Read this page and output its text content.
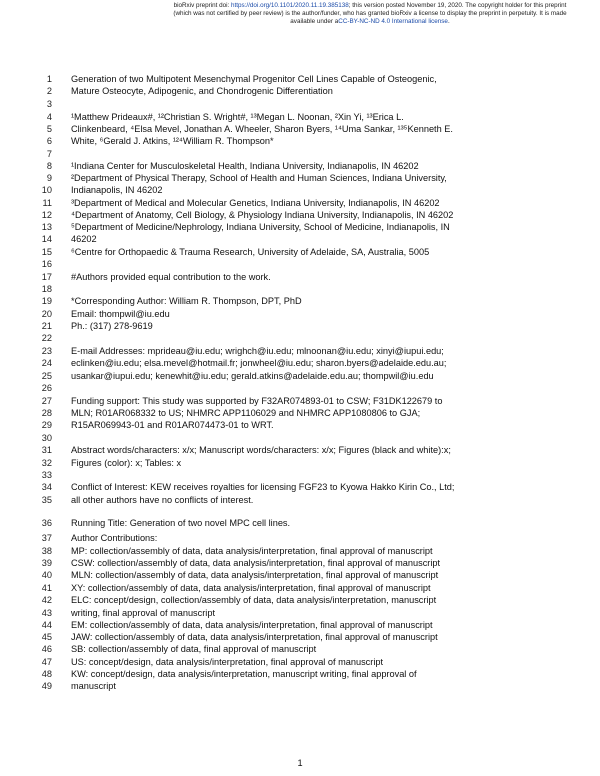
bioRxiv preprint doi: https://doi.org/10.1101/2020.11.19.385138; this version posted November 19, 2020. The copyright holder for this preprint
(which was not certified by peer review) is the author/funder, who has granted bioRxiv a license to display the preprint in perpetuity. It is made
available under aCC-BY-NC-ND 4.0 International license.
1 Generation of two Multipotent Mesenchymal Progenitor Cell Lines Capable of Osteogenic,
2 Mature Osteocyte, Adipogenic, and Chondrogenic Differentiation
3
4 ¹Matthew Prideaux#, ¹²Christian S. Wright#, ¹³Megan L. Noonan, ²Xin Yi, ¹³Erica L.
5 Clinkenbeard, ⁴Elsa Mevel, Jonathan A. Wheeler, Sharon Byers, ¹⁴Uma Sankar, ¹³⁵Kenneth E.
6 White, ⁶Gerald J. Atkins, ¹²⁴William R. Thompson*
7
8 ¹Indiana Center for Musculoskeletal Health, Indiana University, Indianapolis, IN 46202
9 ²Department of Physical Therapy, School of Health and Human Sciences, Indiana University,
10 Indianapolis, IN 46202
11 ³Department of Medical and Molecular Genetics, Indiana University, Indianapolis, IN 46202
12 ⁴Department of Anatomy, Cell Biology, & Physiology Indiana University, Indianapolis, IN 46202
13 ⁵Department of Medicine/Nephrology, Indiana University, School of Medicine, Indianapolis, IN
14 46202
15 ⁶Centre for Orthopaedic & Trauma Research, University of Adelaide, SA, Australia, 5005
16
17 #Authors provided equal contribution to the work.
18
19 *Corresponding Author: William R. Thompson, DPT, PhD
20 Email: thompwil@iu.edu
21 Ph.: (317) 278-9619
22
23 E-mail Addresses: mprideau@iu.edu; wrighch@iu.edu; mlnoonan@iu.edu; xinyi@iupui.edu;
24 eclinken@iu.edu; elsa.mevel@hotmail.fr; jonwheel@iu.edu; sharon.byers@adelaide.edu.au;
25 usankar@iupui.edu; kenewhit@iu.edu; gerald.atkins@adelaide.edu.au; thompwil@iu.edu
26
27 Funding support: This study was supported by F32AR074893-01 to CSW; F31DK122679 to
28 MLN; R01AR068332 to US; NHMRC APP1106029 and NHMRC APP1080806 to GJA;
29 R15AR069943-01 and R01AR074473-01 to WRT.
30
31 Abstract words/characters: x/x; Manuscript words/characters: x/x; Figures (black and white):x;
32 Figures (color): x; Tables: x
33
34 Conflict of Interest: KEW receives royalties for licensing FGF23 to Kyowa Hakko Kirin Co., Ltd;
35 all other authors have no conflicts of interest.
36 Running Title: Generation of two novel MPC cell lines.
37 Author Contributions:
38 MP: collection/assembly of data, data analysis/interpretation, final approval of manuscript
39 CSW: collection/assembly of data, data analysis/interpretation, final approval of manuscript
40 MLN: collection/assembly of data, data analysis/interpretation, final approval of manuscript
41 XY: collection/assembly of data, data analysis/interpretation, final approval of manuscript
42 ELC: concept/design, collection/assembly of data, data analysis/interpretation, manuscript
43 writing, final approval of manuscript
44 EM: collection/assembly of data, data analysis/interpretation, final approval of manuscript
45 JAW: collection/assembly of data, data analysis/interpretation, final approval of manuscript
46 SB: collection/assembly of data, final approval of manuscript
47 US: concept/design, data analysis/interpretation, final approval of manuscript
48 KW: concept/design, data analysis/interpretation, manuscript writing, final approval of
49 manuscript
1
